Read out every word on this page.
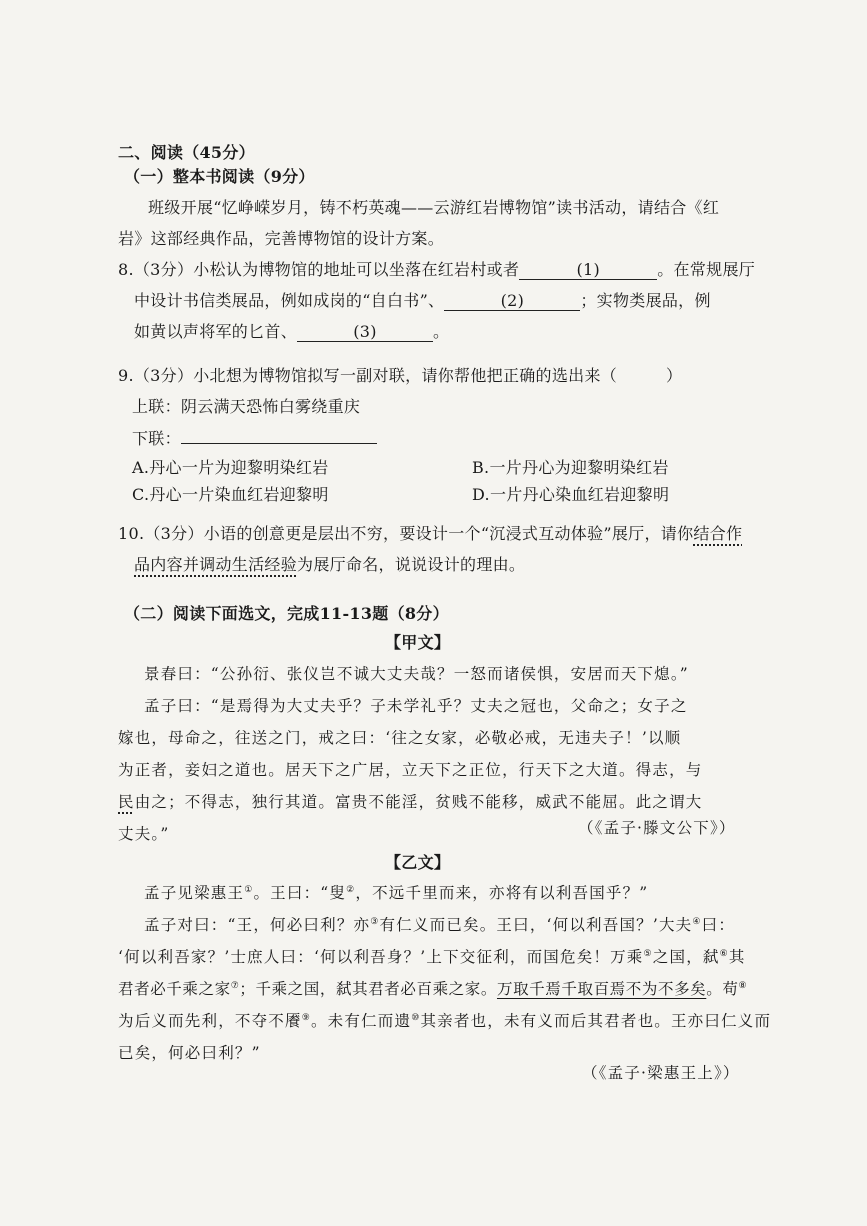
二、阅读（45分）
（一）整本书阅读（9分）
班级开展“忆峥嵘岁月，铸不朽英魂——云游红岩博物馆”读书活动，请结合《红
岩》这部经典作品，完善博物馆的设计方案。
8.（3分）小松认为博物馆的地址可以坐落在红岩村或者	(1)	。在常规展厅
中设计书信类展品，例如成岗的“自白书”、	(2)	；实物类展品，例
如黄以声将军的匕首、	(3)	。
9.（3分）小北想为博物馆拟写一副对联，请你帮他把正确的选出来（　　　）
上联：阴云满天恐怖白雾绕重庆
下联：
A.丹心一片为迎黎明染红岩	B.一片丹心为迎黎明染红岩
C.丹心一片染血红岩迎黎明	D.一片丹心染血红岩迎黎明
10.（3分）小语的创意更是层出不穷，要设计一个“沉浸式互动体验”展厅，请你结合作
品内容并调动生活经验为展厅命名，说说设计的理由。
（二）阅读下面选文，完成11-13题（8分）
【甲文】
景春曰：“公孙衍、张仪岂不诚大丈夫哉？一怒而诸侯惧，安居而天下熄。”
孟子曰：“是焉得为大丈夫乎？子未学礼乎？丈夫之冠也，父命之；女子之
嫁也，母命之，往送之门，戒之曰：‘往之女家，必敬必戒，无违夫子！’以顺
为正者，妾妇之道也。居天下之广居，立天下之正位，行天下之大道。得志，与
民由之；不得志，独行其道。富贵不能淫，贫贱不能移，威武不能屈。此之谓大
丈夫。”	（《孟子·滕文公下》）
【乙文】
孟子见梁惠王①。王曰：“叟②，不远千里而来，亦将有以利吾国乎？”
孟子对曰：“王，何必曰利？亦③有仁义而已矣。王曰，‘何以利吾国？’大夫④曰：
‘何以利吾家？’士庶人曰：‘何以利吾身？’上下交征利，而国危矣！万乘⑤之国，弑⑥其
君者必千乘之家⑦；千乘之国，弑其君者必百乘之家。万取千焉千取百焉不为不多矣。苟⑧
为后义而先利，不夺不餍⑨。未有仁而遗⑩其亲者也，未有义而后其君者也。王亦曰仁义而
已矣，何必曰利？”
（《孟子·梁惠王上》）
